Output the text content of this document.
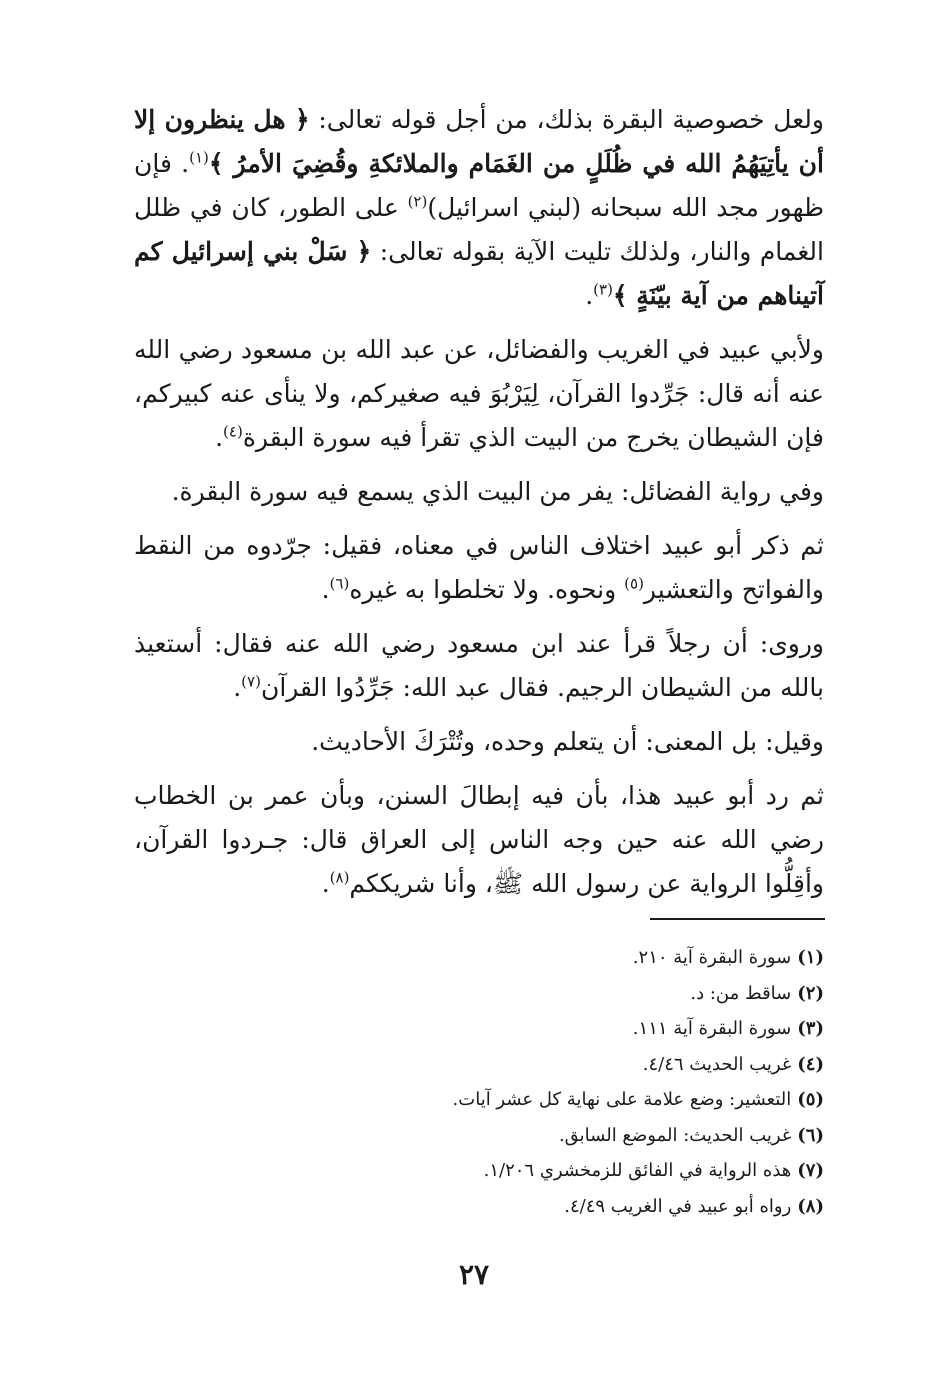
ولعل خصوصية البقرة بذلك، من أجل قوله تعالى: ﴿ هل ينظرون إلا أن يأتِيَهُمُ الله في ظُلَلٍ من الغَمَام والملائكةِ وقُضِيَ الأمرُ ﴾$^{(١)}$. فإن ظهور مجد الله سبحانه (لبني اسرائيل)$^{(٢)}$ على الطور، كان في ظلل الغمام والنار، ولذلك تليت الآية بقوله تعالى: ﴿ سَلْ بني إسرائيل كم آتيناهم من آية بيّنَةٍ ﴾$^{(٣)}$.

ولأبي عبيد في الغريب والفضائل، عن عبد الله بن مسعود رضي الله عنه أنه قال: جَرِّدوا القرآن، لِيَرْبُوَ فيه صغيركم، ولا ينأى عنه كبيركم، فإن الشيطان يخرج من البيت الذي تقرأ فيه سورة البقرة$^{(٤)}$.

وفي رواية الفضائل: يفر من البيت الذي يسمع فيه سورة البقرة.

ثم ذكر أبو عبيد اختلاف الناس في معناه، فقيل: جرّدوه من النقط والفواتح والتعشير$^{(٥)}$ ونحوه. ولا تخلطوا به غيره$^{(٦)}$.

وروى: أن رجلاً قرأ عند ابن مسعود رضي الله عنه فقال: أستعيذ بالله من الشيطان الرجيم. فقال عبد الله: جَرِّدُوا القرآن$^{(٧)}$.

وقيل: بل المعنى: أن يتعلم وحده، وتُتْرَكَ الأحاديث.

ثم رد أبو عبيد هذا، بأن فيه إبطالَ السنن، وبأن عمر بن الخطاب رضي الله عنه حين وجه الناس إلى العراق قال: جـردوا القرآن، وأقِلُّوا الرواية عن رسول الله ﷺ، وأنا شريككم$^{(٨)}$.

(١)سورة البقرة آية ٢١٠.
(٢)ساقط من: د.
(٣)سورة البقرة آية ١١١.
(٤)غريب الحديث ٤/٤٦.
(٥)التعشير: وضع علامة على نهاية كل عشر آيات.
(٦)غريب الحديث: الموضع السابق.
(٧)هذه الرواية في الفائق للزمخشري ١/٢٠٦.
(٨)رواه أبو عبيد في الغريب ٤/٤٩.
٢٧
